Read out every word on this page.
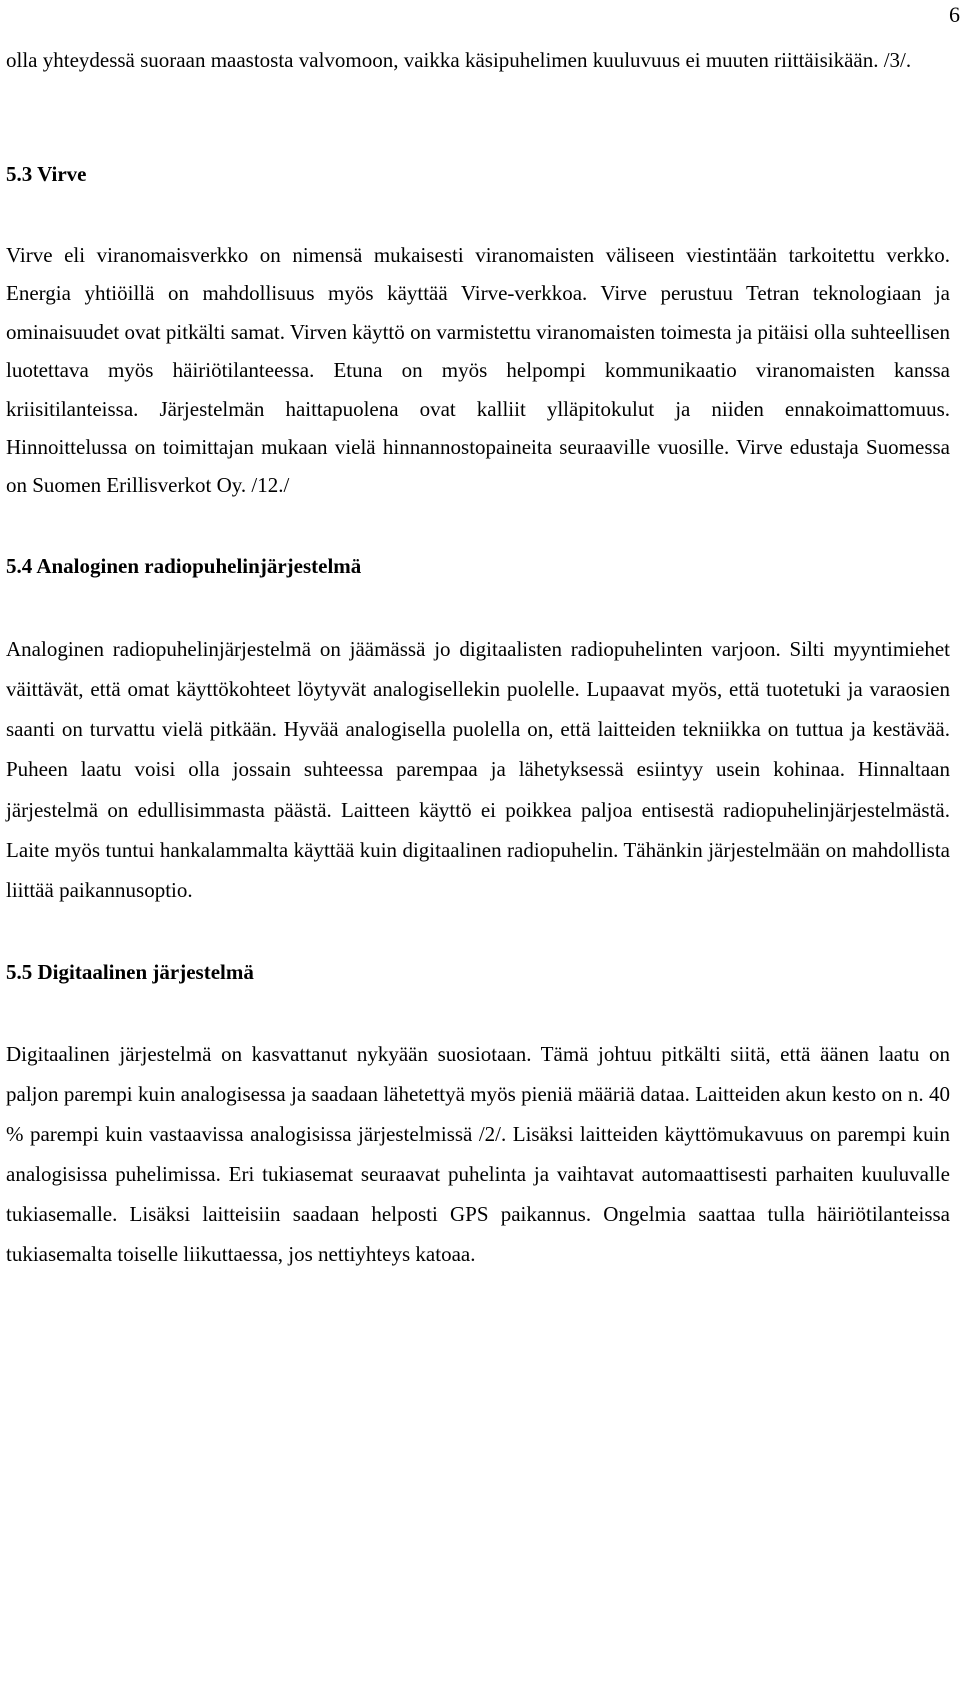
6

olla yhteydessä suoraan maastosta valvomoon, vaikka käsipuhelimen kuuluvuus ei muuten riittäisikään. /3/.

5.3 Virve

Virve eli viranomaisverkko on nimensä mukaisesti viranomaisten väliseen viestintään tarkoitettu verkko. Energia yhtiöillä on mahdollisuus myös käyttää Virve-verkkoa. Virve perustuu Tetran teknologiaan ja ominaisuudet ovat pitkälti samat. Virven käyttö on varmistettu viranomaisten toimesta ja pitäisi olla suhteellisen luotettava myös häiriötilanteessa. Etuna on myös helpompi kommunikaatio viranomaisten kanssa kriisitilanteissa. Järjestelmän haittapuolena ovat kalliit ylläpitokulut ja niiden ennakoimattomuus. Hinnoittelussa on toimittajan mukaan vielä hinnannostopaineita seuraaville vuosille. Virve edustaja Suomessa on Suomen Erillisverkot Oy. /12./

5.4 Analoginen radiopuhelinjärjestelmä

Analoginen radiopuhelinjärjestelmä on jäämässä jo digitaalisten radiopuhelinten varjoon. Silti myyntimiehet väittävät, että omat käyttökohteet löytyvät analogisellekin puolelle. Lupaavat myös, että tuotetuki ja varaosien saanti on turvattu vielä pitkään. Hyvää analogisella puolella on, että laitteiden tekniikka on tuttua ja kestävää. Puheen laatu voisi olla jossain suhteessa parempaa ja lähetyksessä esiintyy usein kohinaa. Hinnaltaan järjestelmä on edullisimmasta päästä. Laitteen käyttö ei poikkea paljoa entisestä radiopuhelinjärjestelmästä. Laite myös tuntui hankalammalta käyttää kuin digitaalinen radiopuhelin. Tähänkin järjestelmään on mahdollista liittää paikannusoptio.

5.5 Digitaalinen järjestelmä

Digitaalinen järjestelmä on kasvattanut nykyään suosiotaan. Tämä johtuu pitkälti siitä, että äänen laatu on paljon parempi kuin analogisessa ja saadaan lähetettyä myös pieniä määriä dataa. Laitteiden akun kesto on n. 40 % parempi kuin vastaavissa analogisissa järjestelmissä /2/. Lisäksi laitteiden käyttömukavuus on parempi kuin analogisissa puhelimissa. Eri tukiasemat seuraavat puhelinta ja vaihtavat automaattisesti parhaiten kuuluvalle tukiasemalle. Lisäksi laitteisiin saadaan helposti GPS paikannus. Ongelmia saattaa tulla häiriötilanteissa tukiasemalta toiselle liikuttaessa, jos nettiyhteys katoaa.
